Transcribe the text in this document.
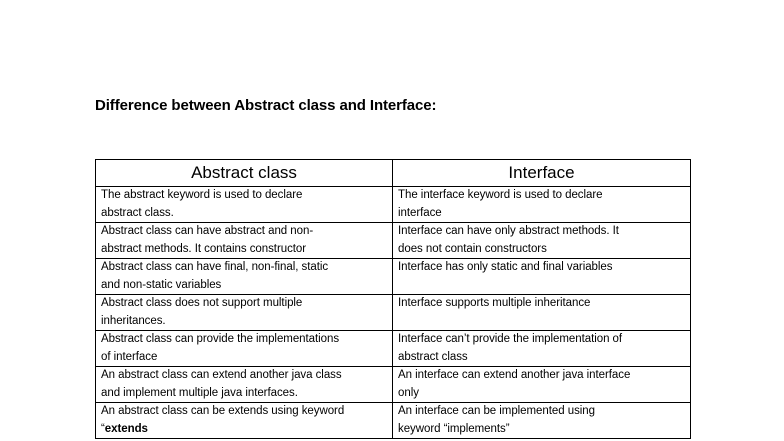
Difference between Abstract class and Interface:
Abstract class	Interface

The abstract keyword is used to declare
abstract class.	The interface keyword is used to declare
interface

Abstract class can have abstract and non-
abstract methods. It contains constructor	Interface can have only abstract methods. It
does not contain constructors

Abstract class can have final, non-final, static
and non-static variables	Interface has only static and final variables

Abstract class does not support multiple
inheritances.	Interface supports multiple inheritance

Abstract class can provide the implementations
of interface	Interface can’t provide the implementation of
abstract class

An abstract class can extend another java class
and implement multiple java interfaces.	An interface can extend another java interface
only

An abstract class can be extends using keyword
“extends	An interface can be implemented using
keyword “implements”
